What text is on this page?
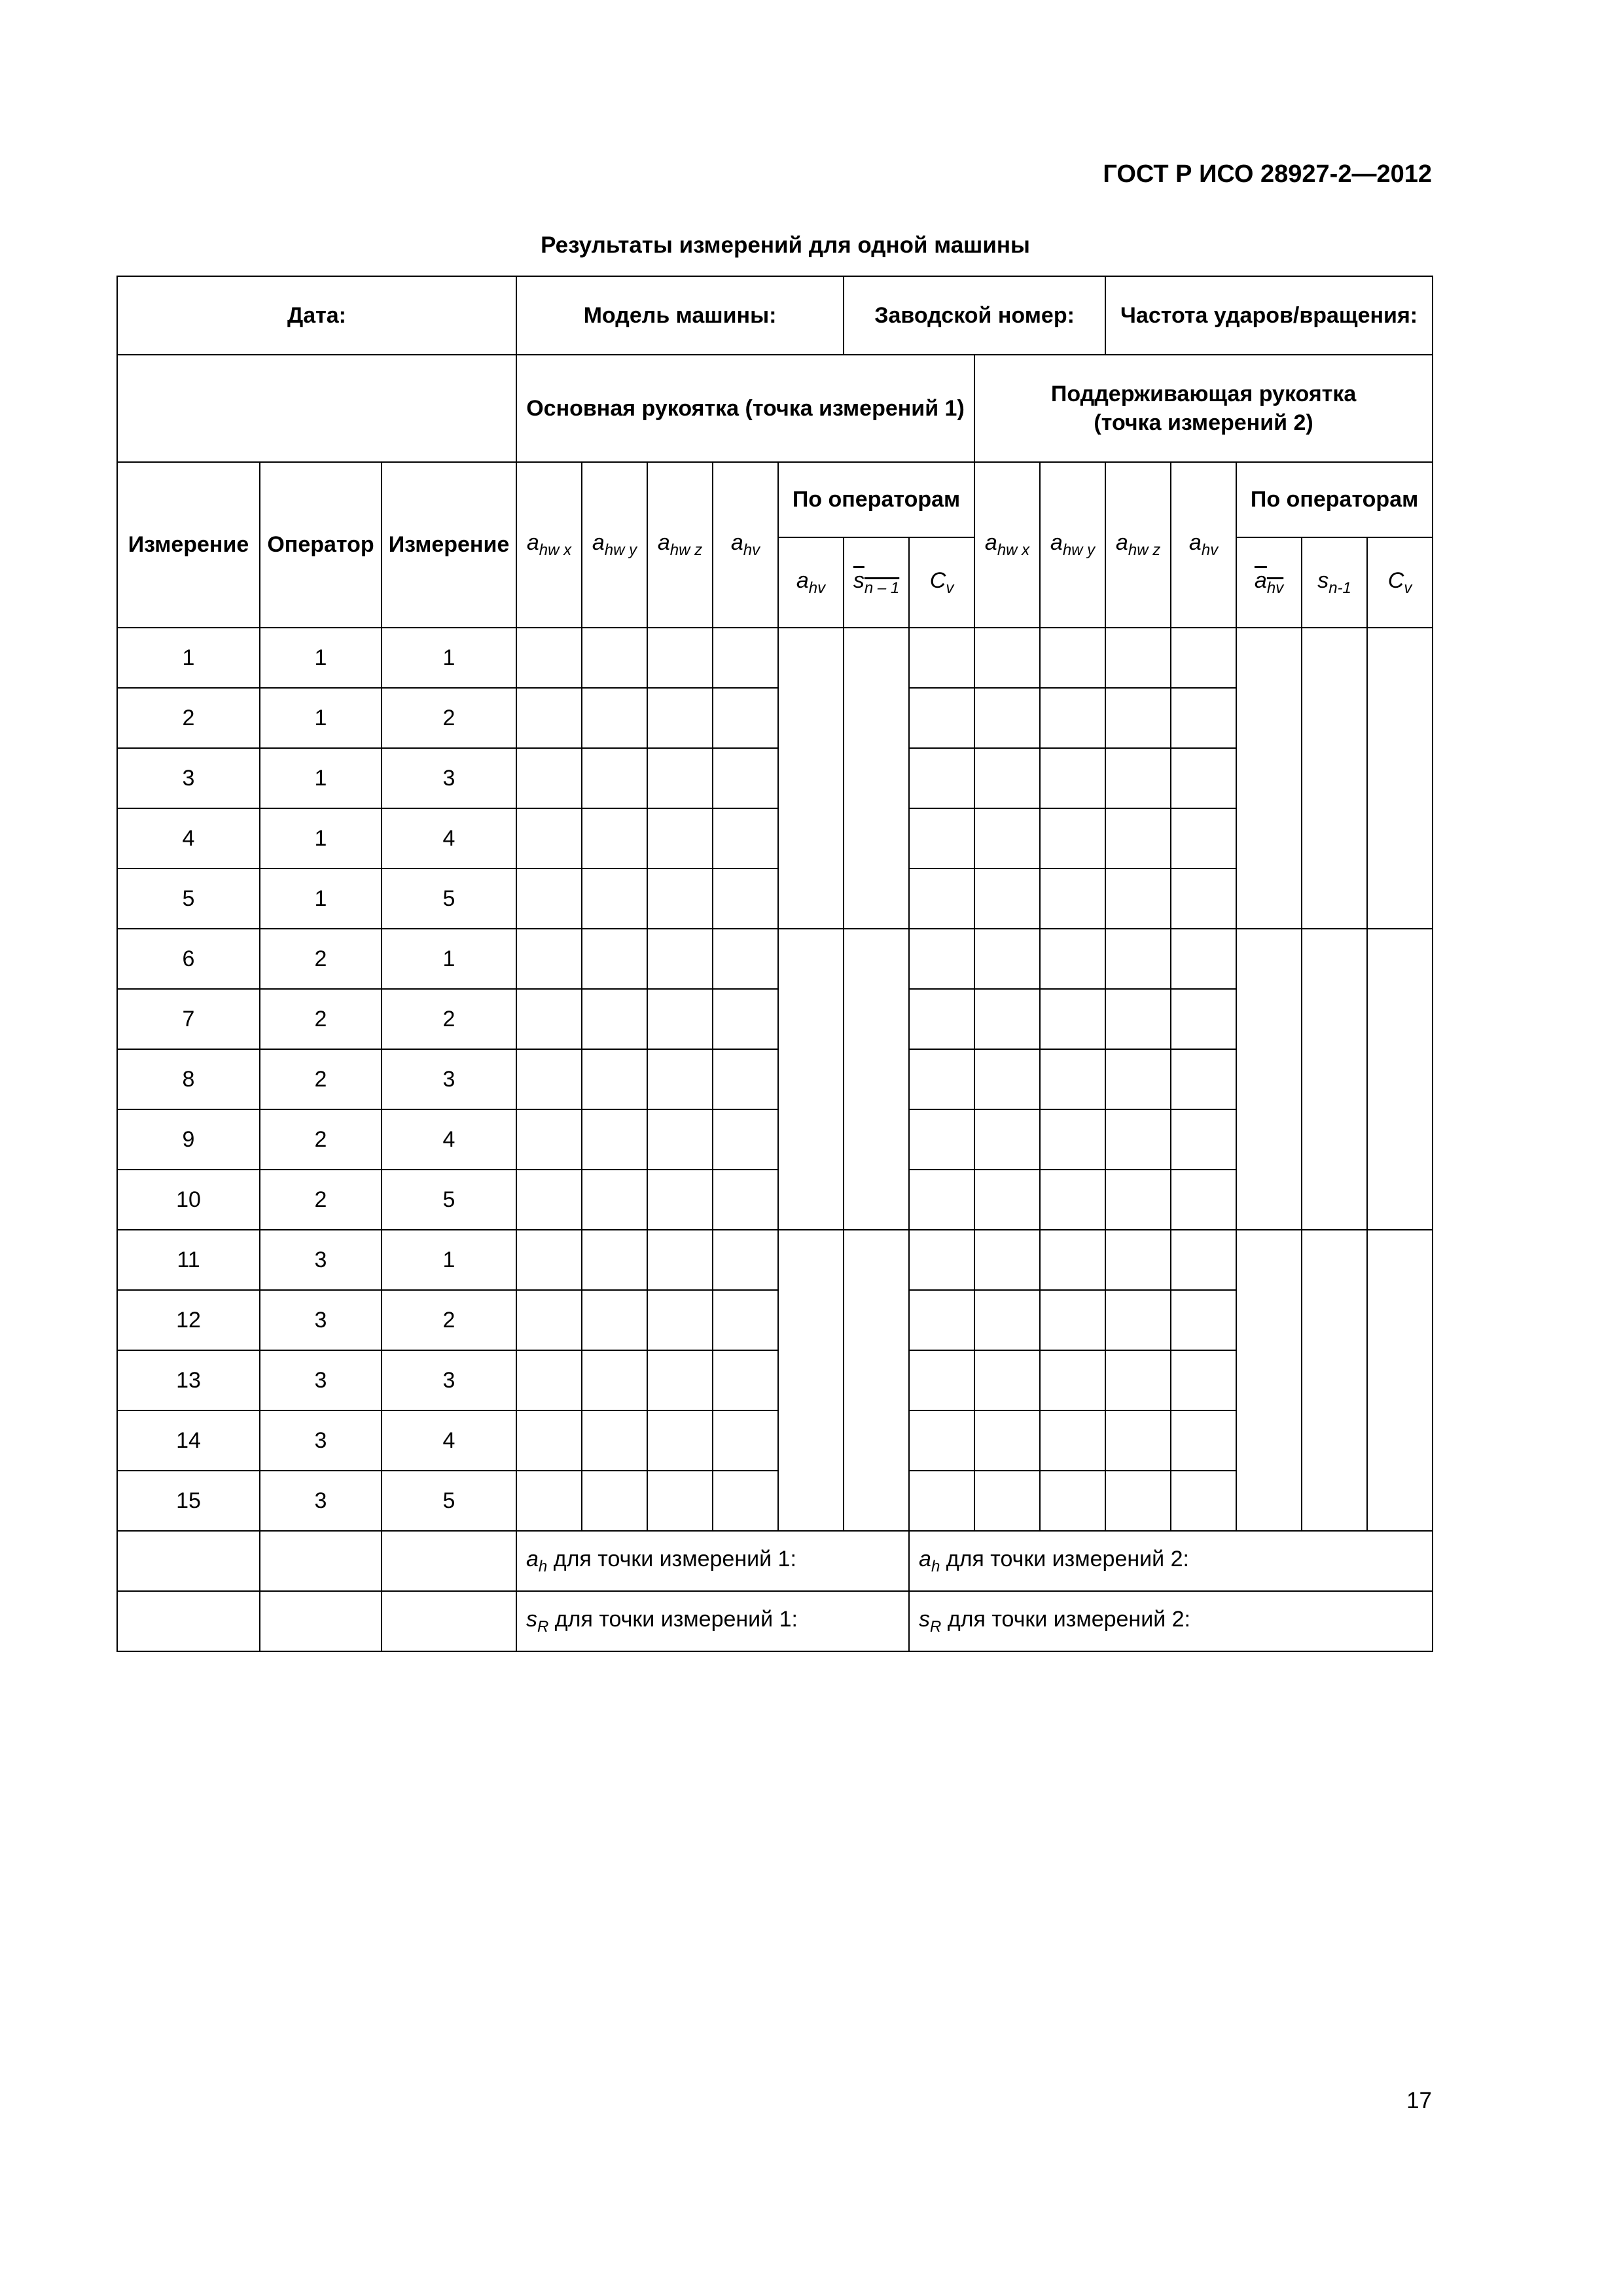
ГОСТ Р ИСО 28927-2—2012
Результаты измерений для одной машины
Дата:			Модель машины:					Заводской номер:				Частота ударов/вращения:				
			Основная рукоятка (точка измерений 1)							Поддерживающая рукоятка
(точка измерений 2)						
Измерение	Оператор	Измерение	$a_{hw x}$	$a_{hw y}$	$a_{hw z}$	$a_{hv}$	По операторам			$a_{hw x}$	$a_{hw y}$	$a_{hw z}$	$a_{hv}$	По операторам		
							$a_{hv}$	$s_{n - 1}$	$C_v$					$a_{hv}$	$s_{n-1}$	$C_v$
1	1	1														
2	1	2														
3	1	3														
4	1	4														
5	1	5														
6	2	1														
7	2	2														
8	2	3														
9	2	4														
10	2	5														
11	3	1														
12	3	2														
13	3	3														
14	3	4														
15	3	5														
			$a_h$ для точки измерений 1:						$a_h$ для точки измерений 2:							
			$s_R$ для точки измерений 1:						$s_R$ для точки измерений 2:							
17
